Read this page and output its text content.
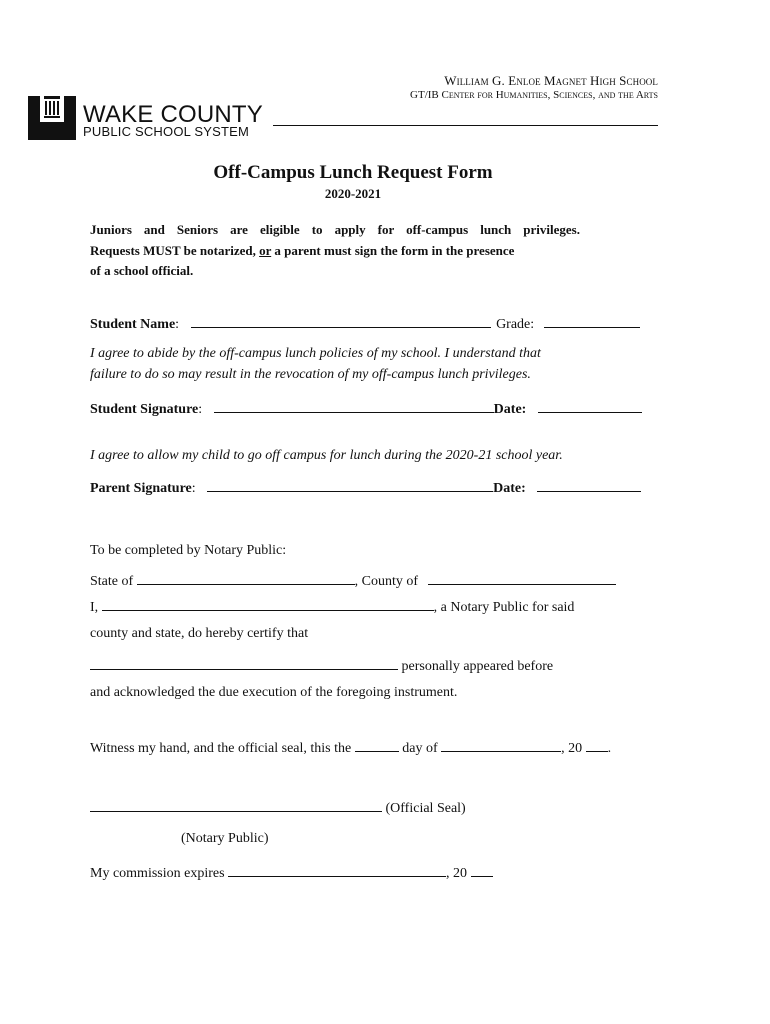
William G. Enloe Magnet High School
GT/IB Center for Humanities, Sciences, and the Arts
WAKE COUNTY
PUBLIC SCHOOL SYSTEM
Off-Campus Lunch Request Form
2020-2021

Juniors and Seniors are eligible to apply for off-campus lunch privileges.

Requests MUST be notarized, or a parent must sign the form in the presence

of a school official.

Student Name:	Grade:
I agree to abide by the off-campus lunch policies of my school. I understand that
failure to do so may result in the revocation of my off-campus lunch privileges.
Student Signature:	Date:
I agree to allow my child to go off campus for lunch during the 2020-21 school year.
Parent Signature:	Date:
To be completed by Notary Public:
State of	, County of
I,	, a Notary Public for said
county and state, do hereby certify that
personally appeared before
and acknowledged the due execution of the foregoing instrument.
Witness my hand, and the official seal, this the	day of	, 20 .
(Official Seal)
(Notary Public)
My commission expires	, 20
